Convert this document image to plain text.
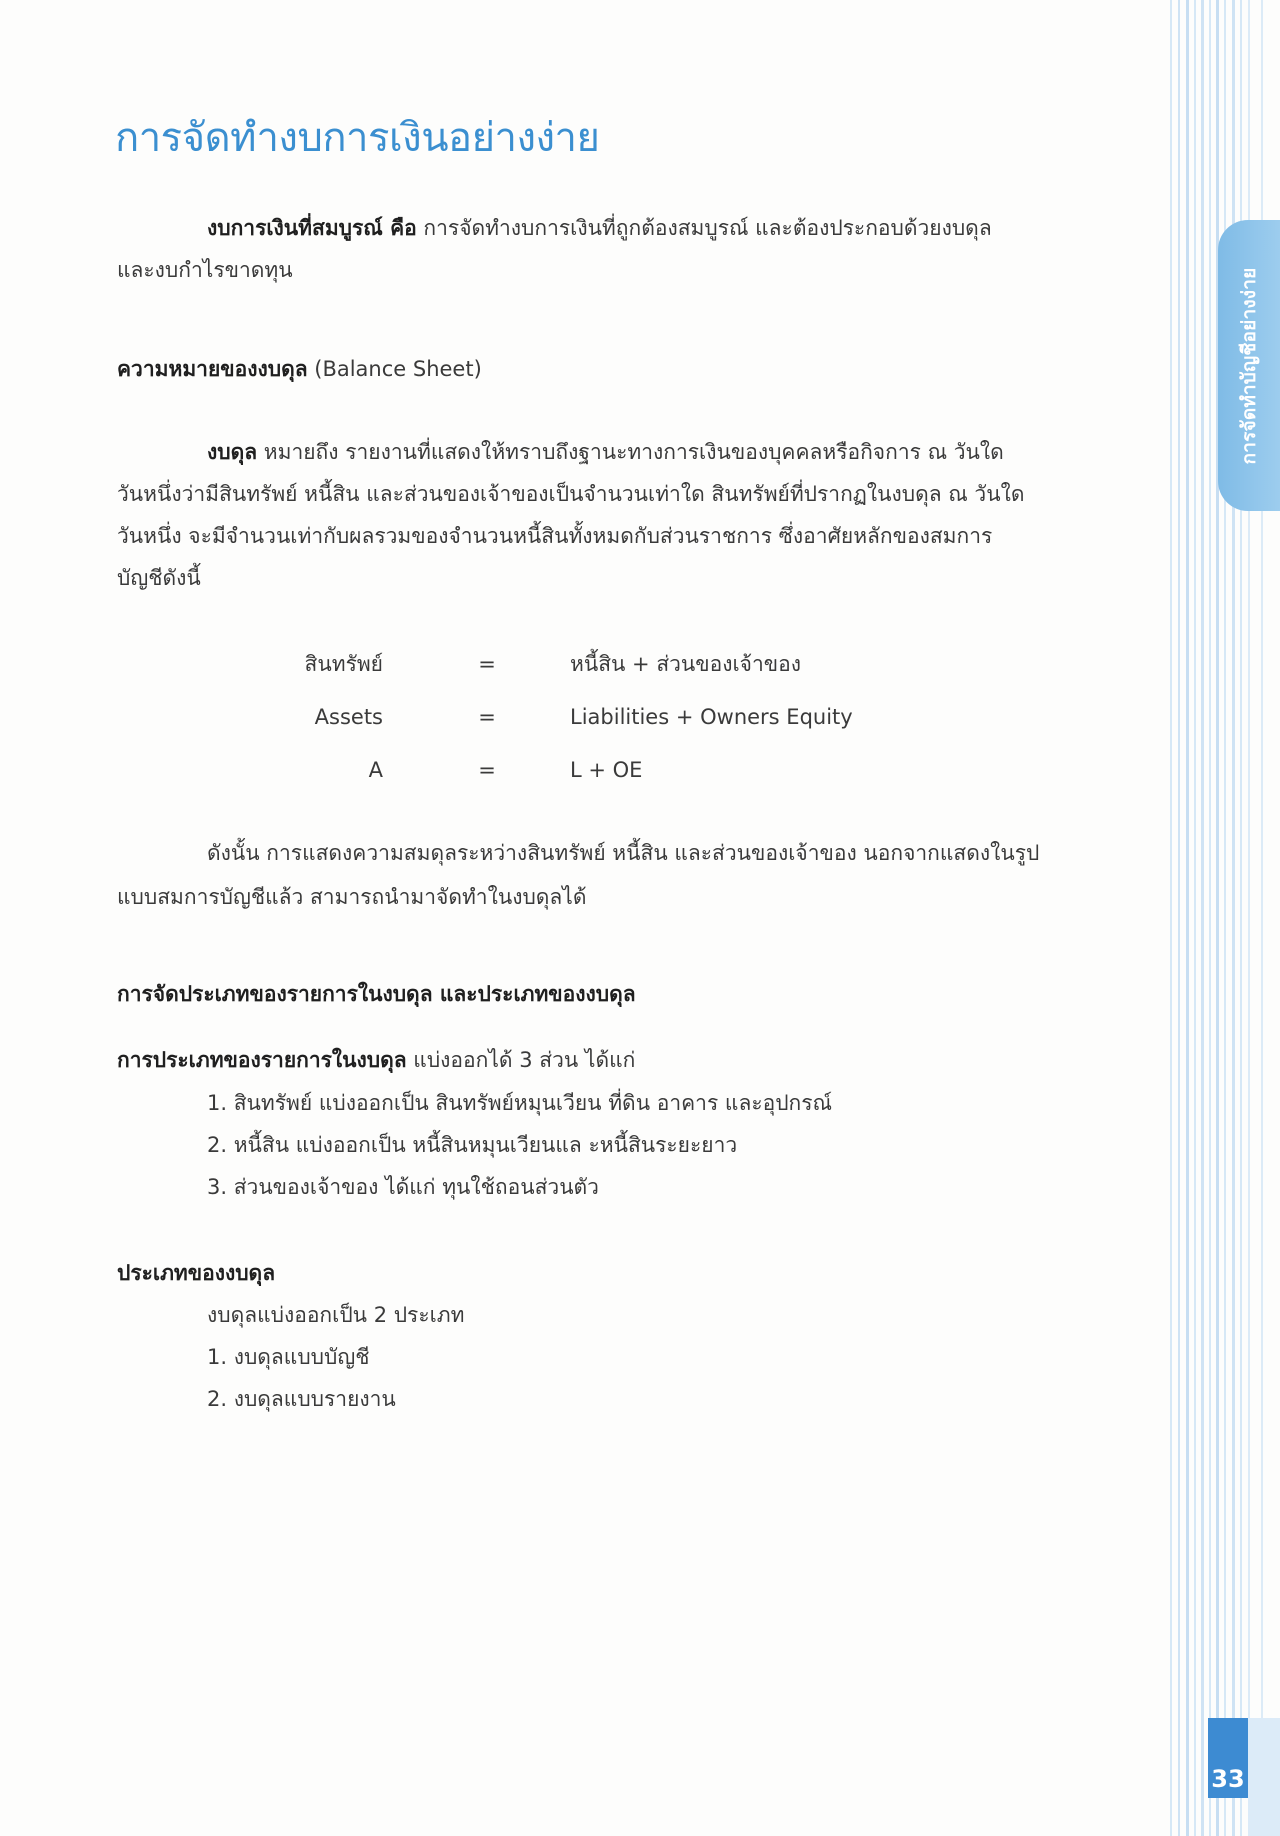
การจัดทำบัญชีอย่างง่าย
33
การจัดทำงบการเงินอย่างง่าย
งบการเงินที่สมบูรณ์ คือ การจัดทำงบการเงินที่ถูกต้องสมบูรณ์ และต้องประกอบด้วยงบดุล
และงบกำไรขาดทุน
ความหมายของงบดุล (Balance Sheet)
งบดุล หมายถึง รายงานที่แสดงให้ทราบถึงฐานะทางการเงินของบุคคลหรือกิจการ ณ วันใด
วันหนึ่งว่ามีสินทรัพย์ หนี้สิน และส่วนของเจ้าของเป็นจำนวนเท่าใด สินทรัพย์ที่ปรากฏในงบดุล ณ วันใด
วันหนึ่ง จะมีจำนวนเท่ากับผลรวมของจำนวนหนี้สินทั้งหมดกับส่วนราชการ ซึ่งอาศัยหลักของสมการ
บัญชีดังนี้
สินทรัพย์	=	หนี้สิน + ส่วนของเจ้าของ
Assets	=	Liabilities + Owners Equity
A	=	L + OE
ดังนั้น การแสดงความสมดุลระหว่างสินทรัพย์ หนี้สิน และส่วนของเจ้าของ นอกจากแสดงในรูป
แบบสมการบัญชีแล้ว สามารถนำมาจัดทำในงบดุลได้
การจัดประเภทของรายการในงบดุล และประเภทของงบดุล
การประเภทของรายการในงบดุล แบ่งออกได้ 3 ส่วน ได้แก่
1. สินทรัพย์ แบ่งออกเป็น สินทรัพย์หมุนเวียน ที่ดิน อาคาร และอุปกรณ์
2. หนี้สิน แบ่งออกเป็น หนี้สินหมุนเวียนแล ะหนี้สินระยะยาว
3. ส่วนของเจ้าของ ได้แก่ ทุนใช้ถอนส่วนตัว
ประเภทของงบดุล
งบดุลแบ่งออกเป็น 2 ประเภท
1. งบดุลแบบบัญชี
2. งบดุลแบบรายงาน
